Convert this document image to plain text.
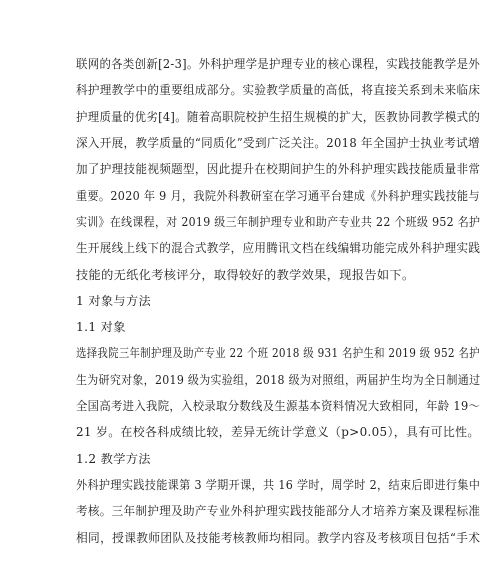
联网的各类创新[2-3]。外科护理学是护理专业的核心课程，实践技能教学是外
科护理教学中的重要组成部分。实验教学质量的高低，将直接关系到未来临床
护理质量的优劣[4]。随着高职院校护生招生规模的扩大，医教协同教学模式的
深入开展，教学质量的“同质化”受到广泛关注。2018 年全国护士执业考试增
加了护理技能视频题型，因此提升在校期间护生的外科护理实践技能质量非常
重要。2020 年 9 月，我院外科教研室在学习通平台建成《外科护理实践技能与
实训》在线课程，对 2019 级三年制护理专业和助产专业共 22 个班级 952 名护
生开展线上线下的混合式教学，应用腾讯文档在线编辑功能完成外科护理实践
技能的无纸化考核评分，取得较好的教学效果，现报告如下。
1 对象与方法
1.1 对象
选择我院三年制护理及助产专业 22 个班 2018 级 931 名护生和 2019 级 952 名护
生为研究对象，2019 级为实验组，2018 级为对照组，两届护生均为全日制通过
全国高考进入我院，入校录取分数线及生源基本资料情况大致相同，年龄 19～
21 岁。在校各科成绩比较，差异无统计学意义（p>0.05），具有可比性。
1.2 教学方法
外科护理实践技能课第 3 学期开课，共 16 学时，周学时 2，结束后即进行集中
考核。三年制护理及助产专业外科护理实践技能部分人才培养方案及课程标准
相同，授课教师团队及技能考核教师均相同。教学内容及考核项目包括“手术
